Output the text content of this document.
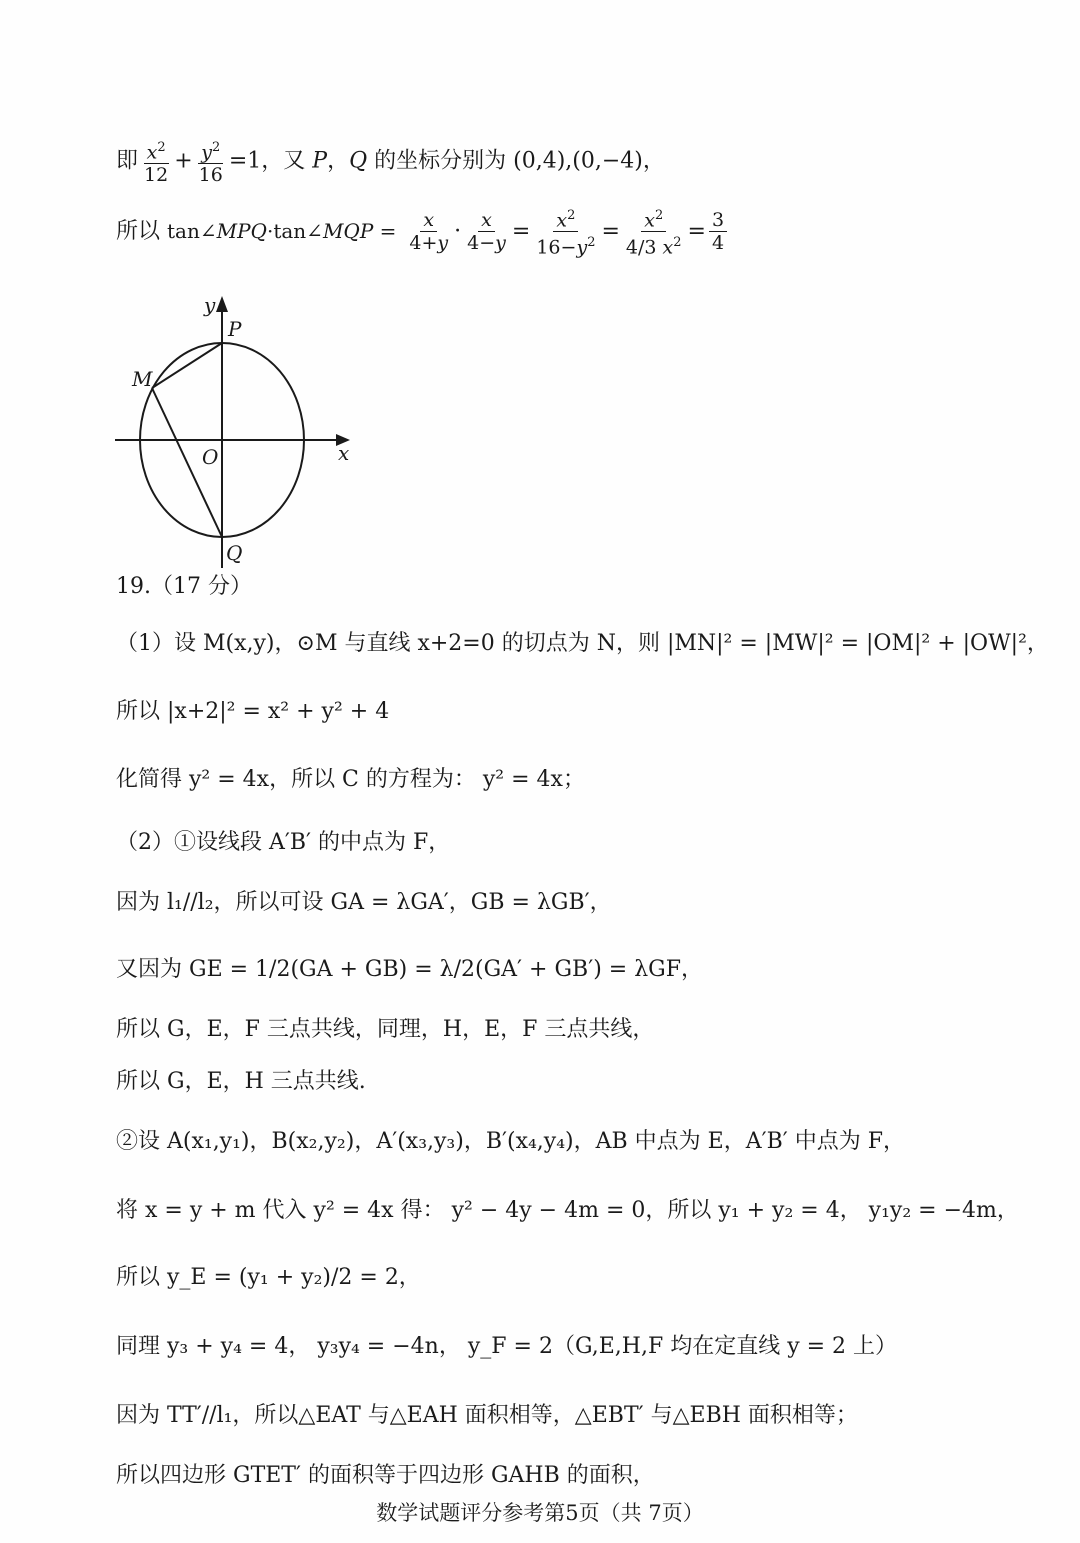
即 $\frac{x^2}{12} + \frac{y^2}{16} =1$，又 P，Q 的坐标分别为 (0,4),(0,−4)，
所以 tan∠MPQ·tan∠MQP = $\frac{x}{4+y} \cdot \frac{x}{4-y} = \frac{x^2}{16-y^2} = \frac{x^2}{4/3 x^2} = \frac{3}{4}$
y
P
M
O	x
Q
19.（17 分）
（1）设 M(x,y)，⊙M 与直线 x+2=0 的切点为 N，则 |MN|² = |MW|² = |OM|² + |OW|²，
所以 |x+2|² = x² + y² + 4
化简得 y² = 4x，所以 C 的方程为： y² = 4x；
（2）①设线段 A′B′ 的中点为 F，
因为 l₁//l₂，所以可设 GA = λGA′，GB = λGB′，
又因为 GE = 1/2(GA + GB) = λ/2(GA′ + GB′) = λGF，
所以 G，E，F 三点共线，同理，H，E，F 三点共线，
所以 G，E，H 三点共线.
②设 A(x₁,y₁)，B(x₂,y₂)，A′(x₃,y₃)，B′(x₄,y₄)，AB 中点为 E，A′B′ 中点为 F，
将 x = y + m 代入 y² = 4x 得： y² − 4y − 4m = 0，所以 y₁ + y₂ = 4， y₁y₂ = −4m，
所以 y_E = (y₁ + y₂)/2 = 2，
同理 y₃ + y₄ = 4， y₃y₄ = −4n， y_F = 2（G,E,H,F 均在定直线 y = 2 上）
因为 TT′//l₁，所以△EAT 与△EAH 面积相等，△EBT′ 与△EBH 面积相等；
所以四边形 GTET′ 的面积等于四边形 GAHB 的面积，
数学试题评分参考第5页（共 7页）
